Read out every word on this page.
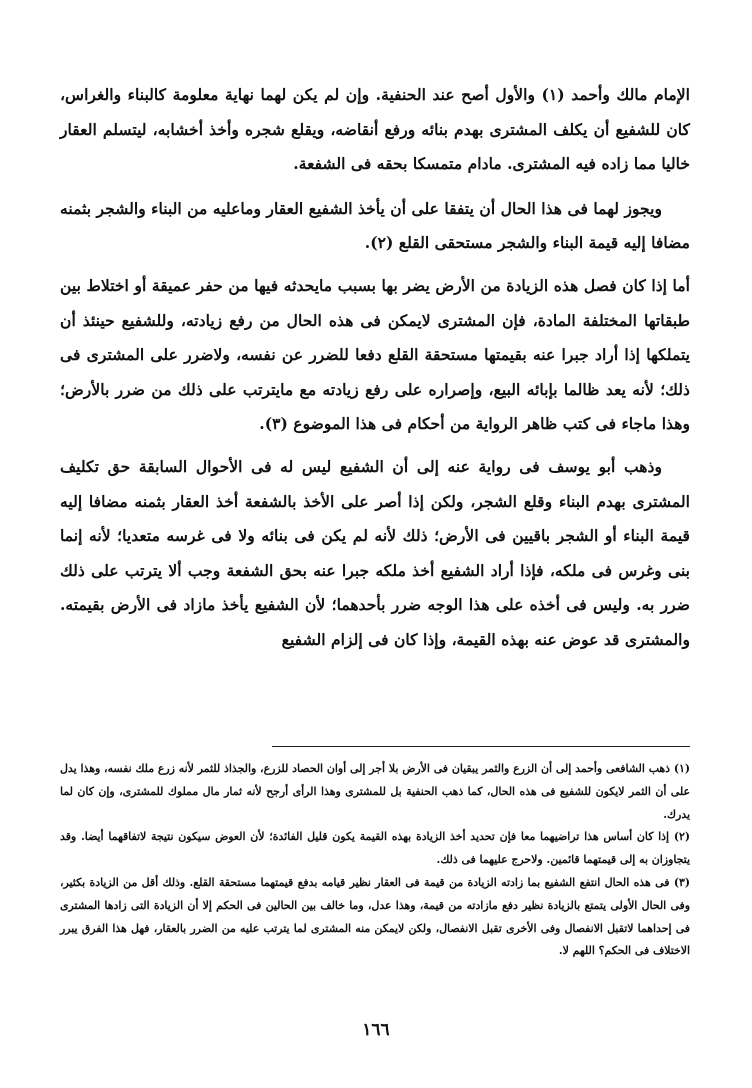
الإمام مالك وأحمد (١) والأول أصح عند الحنفية. وإن لم يكن لهما نهاية معلومة كالبناء والغراس، كان للشفيع أن يكلف المشترى بهدم بنائه ورفع أنقاضه، ويقلع شجره وأخذ أخشابه، ليتسلم العقار خاليا مما زاده فيه المشترى. مادام متمسكا بحقه فى الشفعة.

ويجوز لهما فى هذا الحال أن يتفقا على أن يأخذ الشفيع العقار وماعليه من البناء والشجر بثمنه مضافا إليه قيمة البناء والشجر مستحقى القلع (٢).

أما إذا كان فصل هذه الزيادة من الأرض يضر بها بسبب مايحدثه فيها من حفر عميقة أو اختلاط بين طبقاتها المختلفة المادة، فإن المشترى لايمكن فى هذه الحال من رفع زيادته، وللشفيع حينئذ أن يتملكها إذا أراد جبرا عنه بقيمتها مستحقة القلع دفعا للضرر عن نفسه، ولاضرر على المشترى فى ذلك؛ لأنه يعد ظالما بإبائه البيع، وإصراره على رفع زيادته مع مايترتب على ذلك من ضرر بالأرض؛ وهذا ماجاء فى كتب ظاهر الرواية من أحكام فى هذا الموضوع (٣).

وذهب أبو يوسف فى رواية عنه إلى أن الشفيع ليس له فى الأحوال السابقة حق تكليف المشترى بهدم البناء وقلع الشجر، ولكن إذا أصر على الأخذ بالشفعة أخذ العقار بثمنه مضافا إليه قيمة البناء أو الشجر باقيين فى الأرض؛ ذلك لأنه لم يكن فى بنائه ولا فى غرسه متعديا؛ لأنه إنما بنى وغرس فى ملكه، فإذا أراد الشفيع أخذ ملكه جبرا عنه بحق الشفعة وجب ألا يترتب على ذلك ضرر به. وليس فى أخذه على هذا الوجه ضرر بأحدهما؛ لأن الشفيع يأخذ مازاد فى الأرض بقيمته. والمشترى قد عوض عنه بهذه القيمة، وإذا كان فى إلزام الشفيع

(١) ذهب الشافعى وأحمد إلى أن الزرع والثمر يبقيان فى الأرض بلا أجر إلى أوان الحصاد للزرع، والجذاذ للثمر لأنه زرع ملك نفسه، وهذا يدل على أن الثمر لايكون للشفيع فى هذه الحال، كما ذهب الحنفية بل للمشترى وهذا الرأى أرجح لأنه ثمار مال مملوك للمشترى، وإن كان لما يدرك.

(٢) إذا كان أساس هذا تراضيهما معا فإن تحديد أخذ الزيادة بهذه القيمة يكون قليل الفائدة؛ لأن العوض سيكون نتيجة لاتفاقهما أيضا. وقد يتجاوزان به إلى قيمتهما قائمين. ولاحرج عليهما فى ذلك.

(٣) فى هذه الحال انتفع الشفيع بما زادته الزيادة من قيمة فى العقار نظير قيامه بدفع قيمتهما مستحقة القلع. وذلك أقل من الزيادة بكثير، وفى الحال الأولى يتمتع بالزيادة نظير دفع مازادته من قيمة، وهذا عدل، وما خالف بين الحالين فى الحكم إلا أن الزيادة التى زادها المشترى فى إحداهما لاتقبل الانفصال وفى الأخرى تقبل الانفصال، ولكن لايمكن منه المشترى لما يترتب عليه من الضرر بالعقار، فهل هذا الفرق يبرر الاختلاف فى الحكم؟ اللهم لا.

١٦٦
